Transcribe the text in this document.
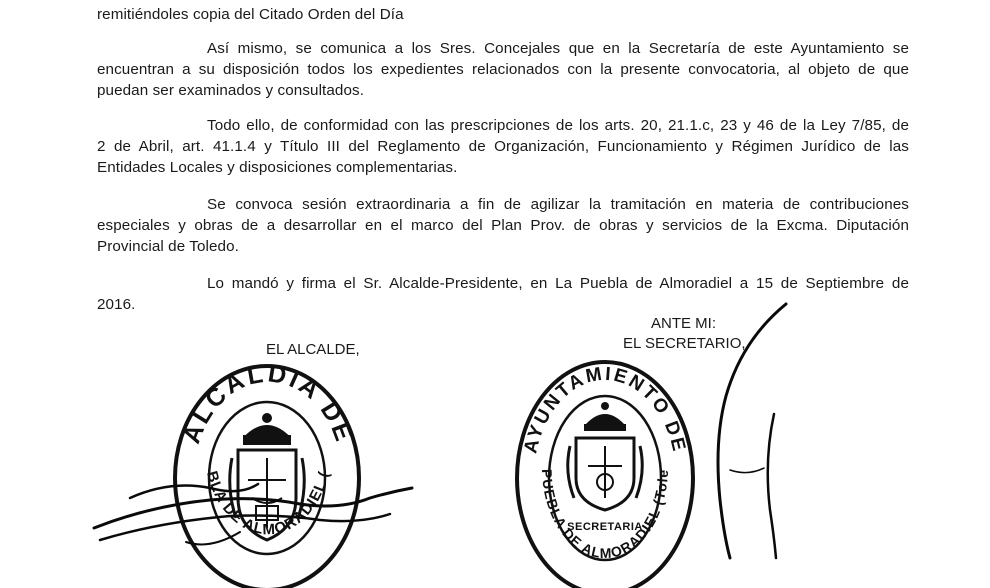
remitiéndoles copia del Citado Orden del Día
Así mismo, se comunica a los Sres. Concejales que en la Secretaría de este Ayuntamiento se
encuentran a su disposición todos los expedientes relacionados con la presente convocatoria, al objeto de que
puedan ser examinados y consultados.
Todo ello, de conformidad con las prescripciones de los arts. 20, 21.1.c, 23 y 46 de la Ley 7/85, de
2 de Abril, art. 41.1.4 y Título III del Reglamento de Organización, Funcionamiento y Régimen Jurídico de las
Entidades Locales y disposiciones complementarias.
Se convoca sesión extraordinaria a fin de agilizar la tramitación en materia de contribuciones
especiales y obras de a desarrollar en el marco del Plan Prov. de obras y servicios de la Excma. Diputación
Provincial de Toledo.
Lo mandó y firma el Sr. Alcalde-Presidente, en La Puebla de Almoradiel a 15 de Septiembre de
2016.
EL ALCALDE,
ANTE MI:
EL SECRETARIO,
ALCALDIA DE
LA PUEBLA DE ALMORADIEL (Toledo)
AYUNTAMIENTO DE
LA PUEBLA DE ALMORADIEL (Toledo)
SECRETARIA
